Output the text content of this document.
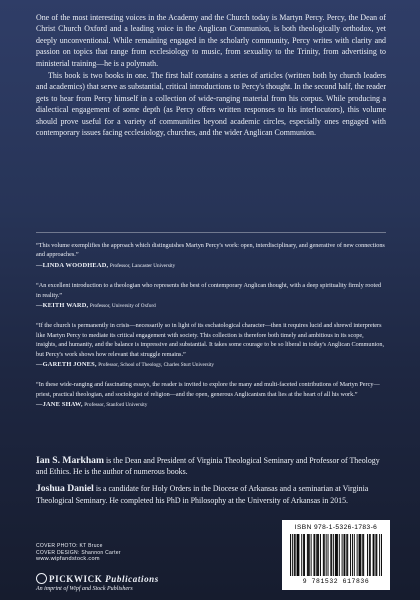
One of the most interesting voices in the Academy and the Church today is Martyn Percy. Percy, the Dean of Christ Church Oxford and a leading voice in the Anglican Communion, is both theologically orthodox, yet deeply unconventional. While remaining engaged in the scholarly community, Percy writes with clarity and passion on topics that range from ecclesiology to music, from sexuality to the Trinity, from advertising to ministerial training—he is a polymath.

This book is two books in one. The first half contains a series of articles (written both by church leaders and academics) that serve as substantial, critical introductions to Percy's thought. In the second half, the reader gets to hear from Percy himself in a collection of wide-ranging material from his corpus. While producing a dialectical engagement of some depth (as Percy offers written responses to his interlocutors), this volume should prove useful for a variety of communities beyond academic circles, especially ones engaged with contemporary issues facing ecclesiology, churches, and the wider Anglican Communion.

“This volume exemplifies the approach which distinguishes Martyn Percy's work: open, interdisciplinary, and generative of new connections and approaches.”

—LINDA WOODHEAD, Professor, Lancaster University

“An excellent introduction to a theologian who represents the best of contemporary Anglican thought, with a deep spirituality firmly rooted in reality.”

—KEITH WARD, Professor, University of Oxford

“If the church is permanently in crisis—necessarily so in light of its eschatological character—then it requires lucid and shrewd interpreters like Martyn Percy to mediate its critical engagement with society. This collection is therefore both timely and ambitious in its scope, insights, and humanity, and the balance is impressive and substantial. It takes some courage to be so liberal in today's Anglican Communion, but Percy's work shows how relevant that struggle remains.”

—GARETH JONES, Professor, School of Theology, Charles Sturt University

“In these wide-ranging and fascinating essays, the reader is invited to explore the many and multi-faceted contributions of Martyn Percy—priest, practical theologian, and sociologist of religion—and the open, generous Anglicanism that lies at the heart of all his work.”

—JANE SHAW, Professor, Stanford University

Ian S. Markham is the Dean and President of Virginia Theological Seminary and Professor of Theology and Ethics. He is the author of numerous books.
Joshua Daniel is a candidate for Holy Orders in the Diocese of Arkansas and a seminarian at Virginia Theological Seminary. He completed his PhD in Philosophy at the University of Arkansas in 2015.
COVER PHOTO: KT Bruce
COVER DESIGN: Shannon Carter
www.wipfandstock.com
PICKWICK Publications
An imprint of Wipf and Stock Publishers
ISBN 978-1-5326-1783-6
9 781532 617836
